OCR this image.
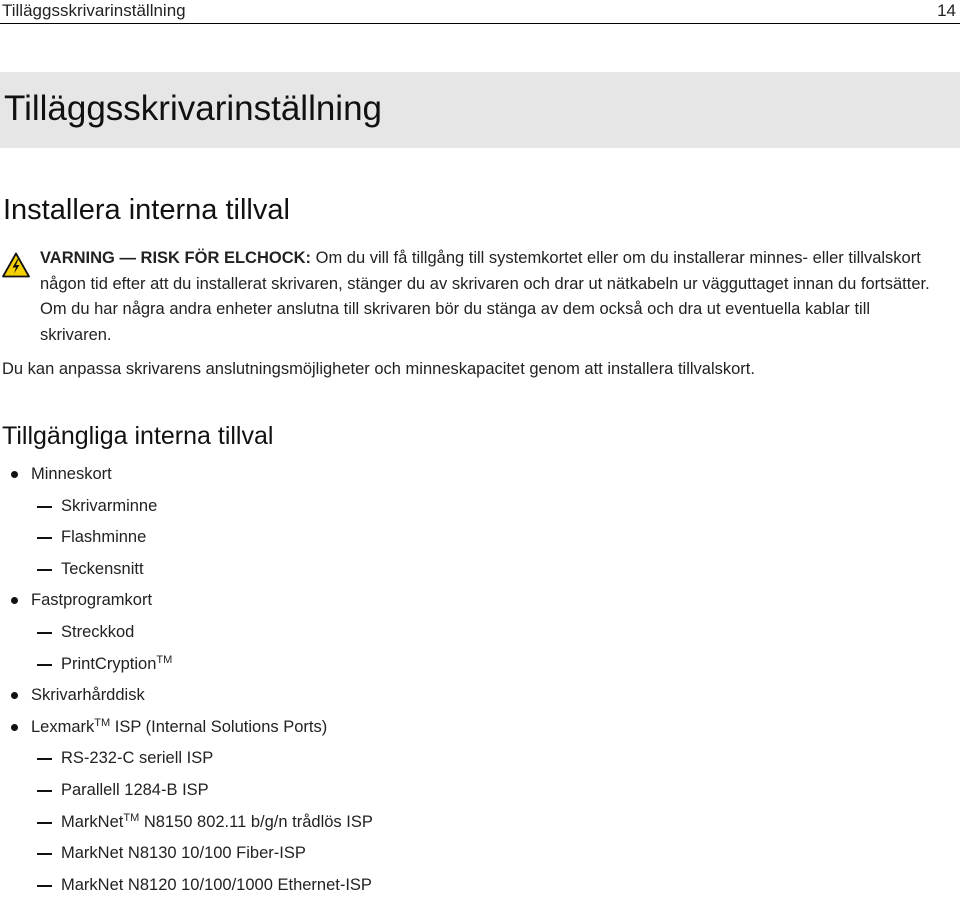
Tilläggsskrivarinställning	14
Tilläggsskrivarinställning
Installera interna tillval
VARNING — RISK FÖR ELCHOCK: Om du vill få tillgång till systemkortet eller om du installerar minnes- eller tillvalskort någon tid efter att du installerat skrivaren, stänger du av skrivaren och drar ut nätkabeln ur vägguttaget innan du fortsätter. Om du har några andra enheter anslutna till skrivaren bör du stänga av dem också och dra ut eventuella kablar till skrivaren.

Du kan anpassa skrivarens anslutningsmöjligheter och minneskapacitet genom att installera tillvalskort.

Tillgängliga interna tillval
Minneskort
Skrivarminne
Flashminne
Teckensnitt
Fastprogramkort
Streckkod
PrintCryption™
Skrivarhårddisk
Lexmark™ ISP (Internal Solutions Ports)
RS-232-C seriell ISP
Parallell 1284-B ISP
MarkNet™ N8150 802.11 b/g/n trådlös ISP
MarkNet N8130 10/100 Fiber-ISP
MarkNet N8120 10/100/1000 Ethernet-ISP
